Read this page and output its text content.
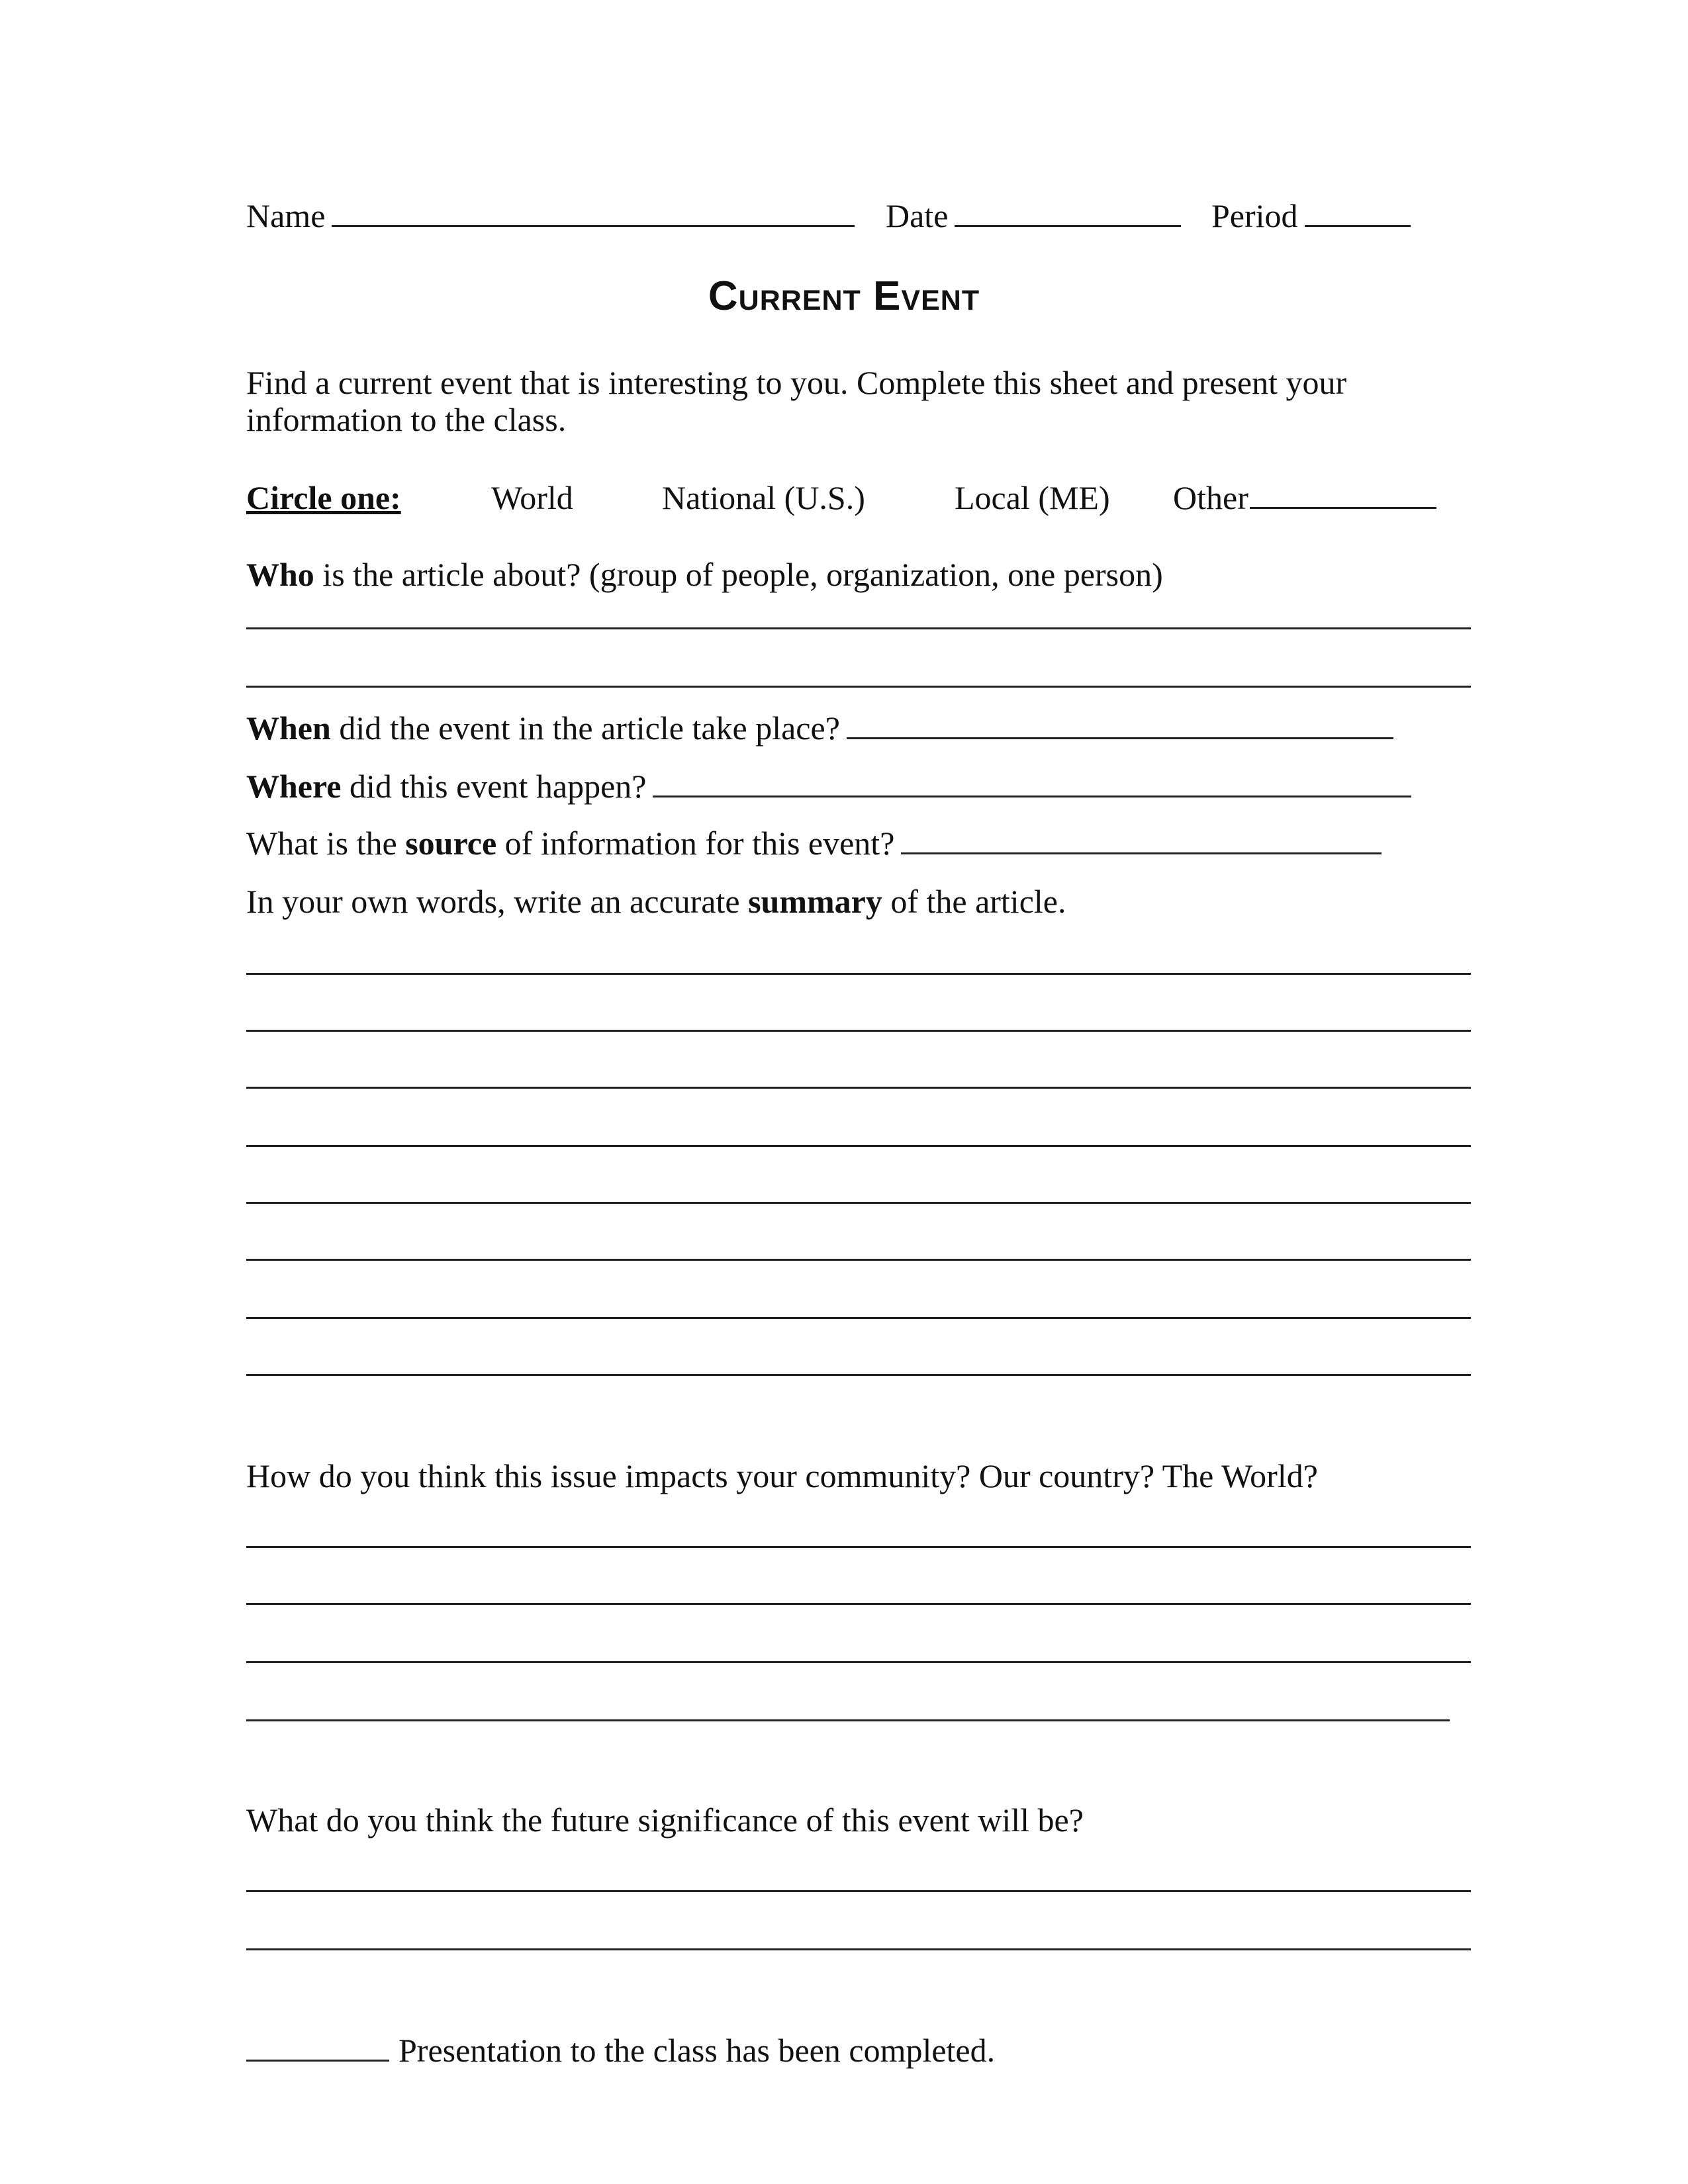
Name	Date	Period
Current Event
Find a current event that is interesting to you. Complete this sheet and present your
information to the class.
Circle one:	World	National (U.S.)	Local (ME) Other
Who is the article about? (group of people, organization, one person)
When did the event in the article take place?
Where did this event happen?
What is the source of information for this event?
In your own words, write an accurate summary of the article.
How do you think this issue impacts your community? Our country? The World?
What do you think the future significance of this event will be?
Presentation to the class has been completed.
